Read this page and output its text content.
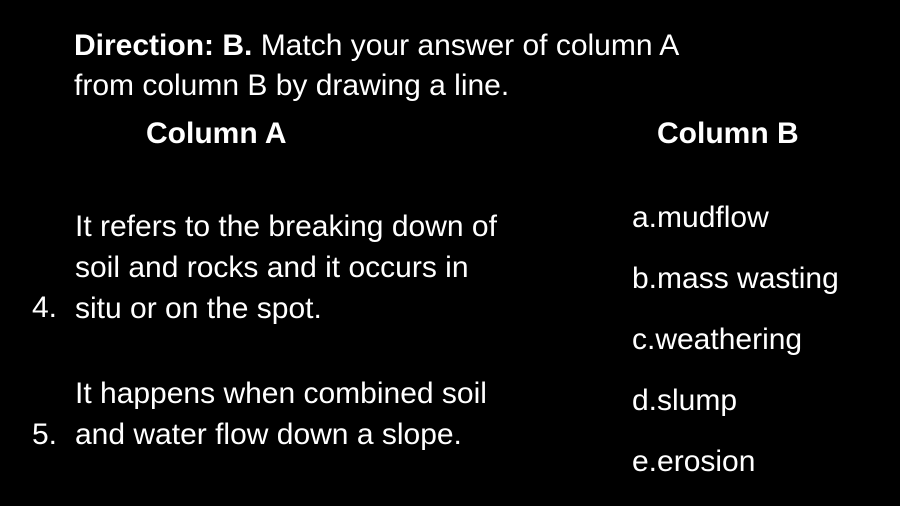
Direction: B. Match your answer of column A
from column B by drawing a line.
Column A	Column B
4.
It refers to the breaking down of
soil and rocks and it occurs in
situ or on the spot.
5.
It happens when combined soil
and water flow down a slope.
a.mudflow
b.mass wasting
c.weathering
d.slump
e.erosion
